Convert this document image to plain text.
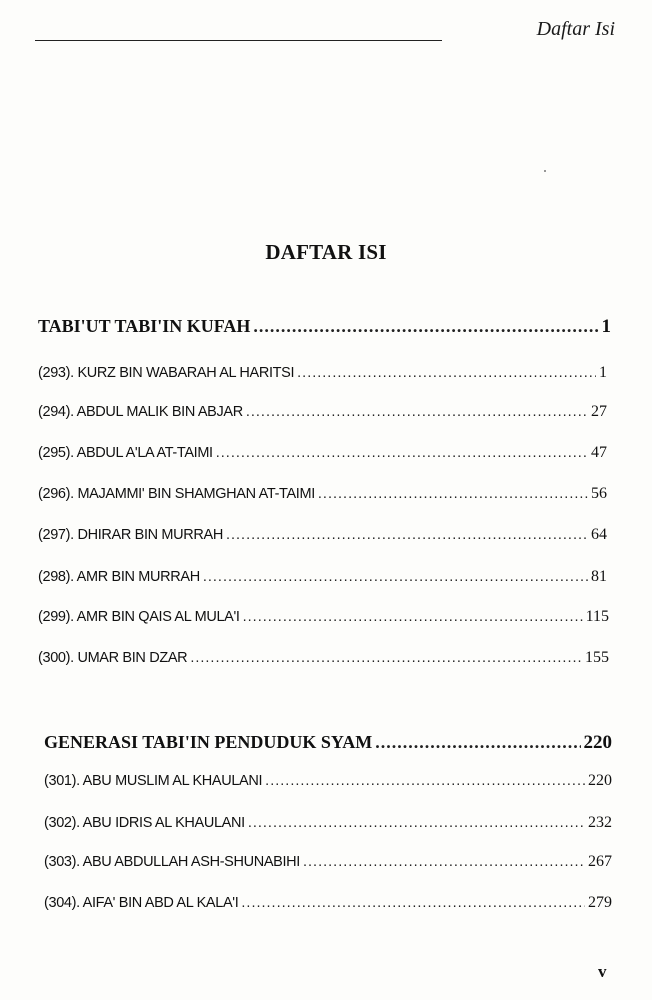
Daftar Isi
DAFTAR ISI
TABI'UT TABI'IN KUFAH .....	1
(293). KURZ BIN WABARAH AL HARITSI .....	1
(294). ABDUL MALIK BIN ABJAR .....	27
(295). ABDUL A'LA AT-TAIMI .....	47
(296). MAJAMMI' BIN SHAMGHAN AT-TAIMI .....	56
(297). DHIRAR BIN MURRAH .....	64
(298). AMR BIN MURRAH .....	81
(299). AMR BIN QAIS AL MULA'I .....	115
(300). UMAR BIN DZAR .....	155
GENERASI TABI'IN PENDUDUK SYAM .....	220
(301). ABU MUSLIM AL KHAULANI .....	220
(302). ABU IDRIS AL KHAULANI .....	232
(303). ABU ABDULLAH ASH-SHUNABIHI .....	267
(304). AIFA' BIN ABD AL KALA'I .....	279
v
